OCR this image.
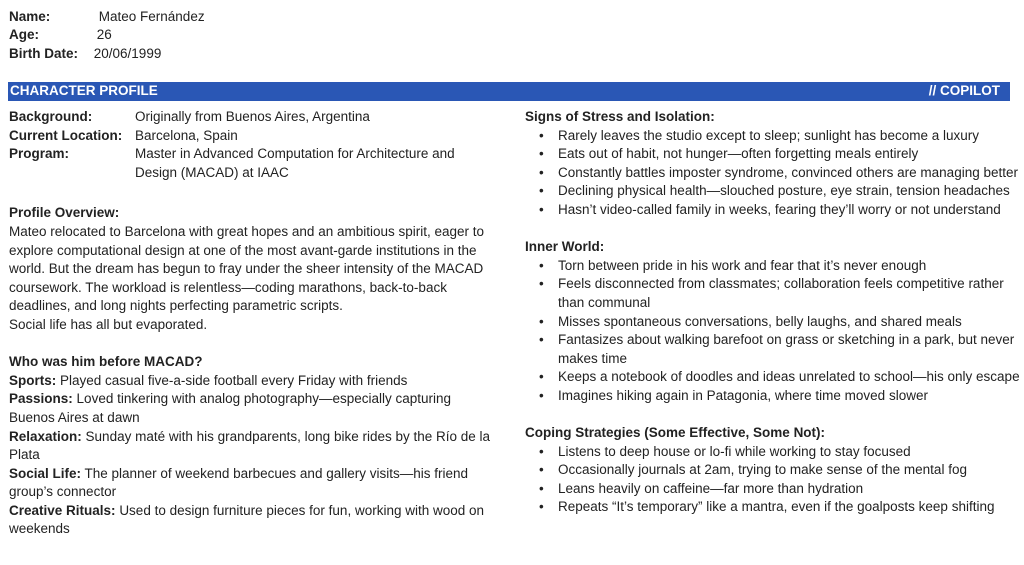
Name:	Mateo Fernández
Age:	26
Birth Date: 20/06/1999
CHARACTER PROFILE	// COPILOT
Background:	Originally from Buenos Aires, Argentina
Current Location: Barcelona, Spain
Program:	Master in Advanced Computation for Architecture and Design (MACAD) at IAAC

Profile Overview:

Mateo relocated to Barcelona with great hopes and an ambitious spirit, eager to explore computational design at one of the most avant-garde institutions in the world. But the dream has begun to fray under the sheer intensity of the MACAD coursework. The workload is relentless—coding marathons, back-to-back deadlines, and long nights perfecting parametric scripts.

Social life has all but evaporated.

Who was him before MACAD?

Sports: Played casual five-a-side football every Friday with friends

Passions: Loved tinkering with analog photography—especially capturing Buenos Aires at dawn

Relaxation: Sunday maté with his grandparents, long bike rides by the Río de la Plata

Social Life: The planner of weekend barbecues and gallery visits—his friend group’s connector

Creative Rituals: Used to design furniture pieces for fun, working with wood on weekends

Signs of Stress and Isolation:

• Rarely leaves the studio except to sleep; sunlight has become a luxury
• Eats out of habit, not hunger—often forgetting meals entirely
• Constantly battles imposter syndrome, convinced others are managing better
• Declining physical health—slouched posture, eye strain, tension headaches
• Hasn’t video-called family in weeks, fearing they’ll worry or not understand

Inner World:

• Torn between pride in his work and fear that it’s never enough
• Feels disconnected from classmates; collaboration feels competitive rather than communal
• Misses spontaneous conversations, belly laughs, and shared meals
• Fantasizes about walking barefoot on grass or sketching in a park, but never makes time
• Keeps a notebook of doodles and ideas unrelated to school—his only escape
• Imagines hiking again in Patagonia, where time moved slower

Coping Strategies (Some Effective, Some Not):

• Listens to deep house or lo-fi while working to stay focused
• Occasionally journals at 2am, trying to make sense of the mental fog
• Leans heavily on caffeine—far more than hydration
• Repeats “It’s temporary” like a mantra, even if the goalposts keep shifting
